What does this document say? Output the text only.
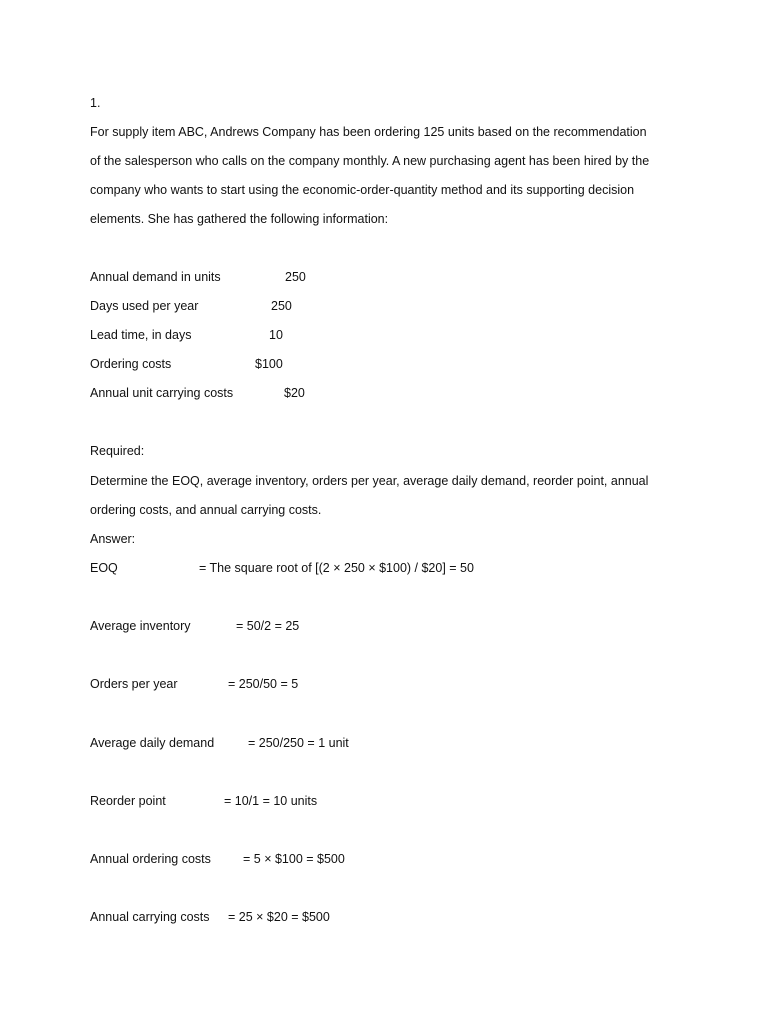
1.
For supply item ABC, Andrews Company has been ordering 125 units based on the recommendation
of the salesperson who calls on the company monthly. A new purchasing agent has been hired by the
company who wants to start using the economic-order-quantity method and its supporting decision
elements. She has gathered the following information:
Annual demand in units	250
Days used per year	250
Lead time, in days	10
Ordering costs	$100
Annual unit carrying costs	$20
Required:
Determine the EOQ, average inventory, orders per year, average daily demand, reorder point, annual
ordering costs, and annual carrying costs.
Answer:
EOQ	= The square root of [(2 × 250 × $100) / $20] = 50
Average inventory	= 50/2 = 25
Orders per year	= 250/50 = 5
Average daily demand	= 250/250 = 1 unit
Reorder point	= 10/1 = 10 units
Annual ordering costs	= 5 × $100 = $500
Annual carrying costs = 25 × $20 = $500
